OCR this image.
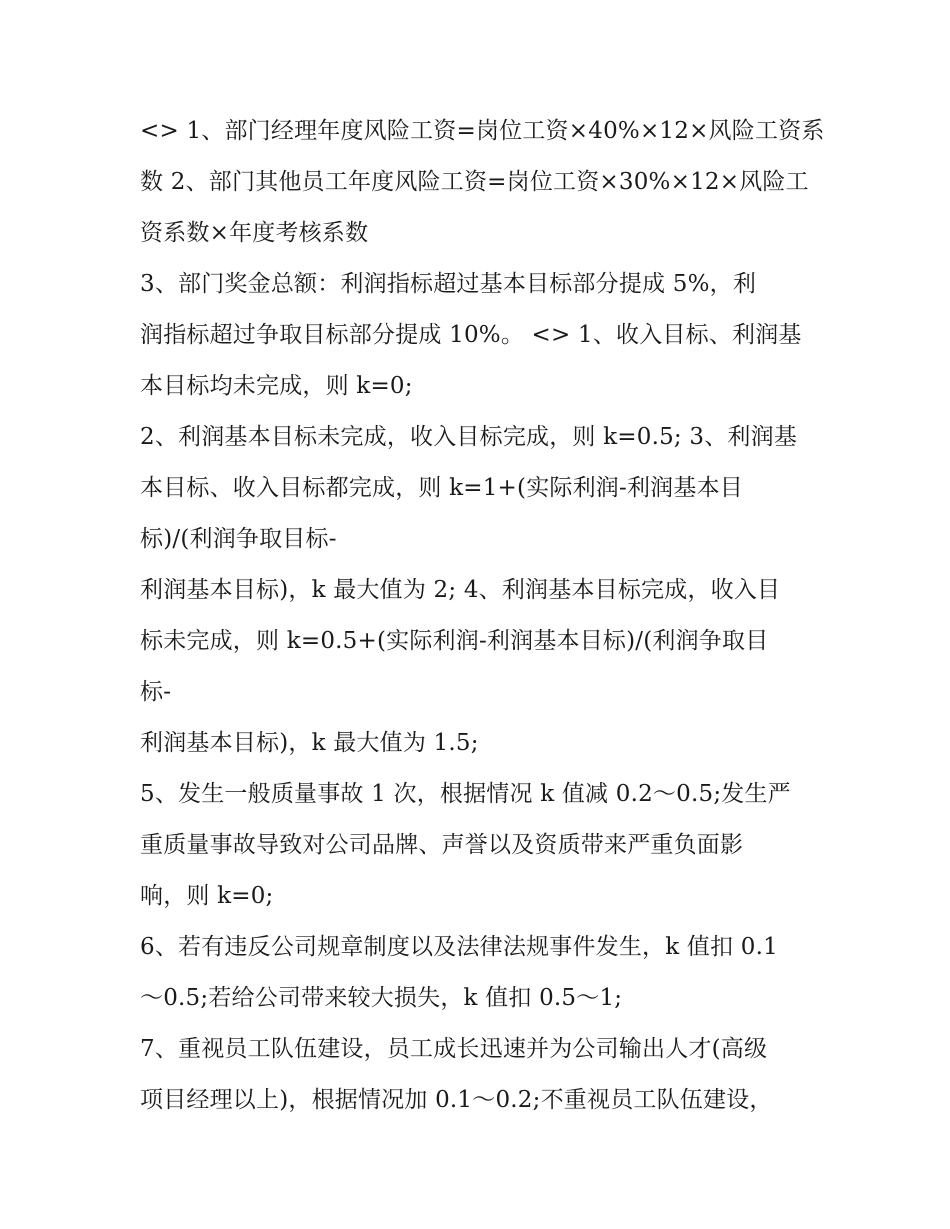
<> 1、部门经理年度风险工资=岗位工资×40%×12×风险工资系
数 2、部门其他员工年度风险工资=岗位工资×30%×12×风险工
资系数×年度考核系数
3、部门奖金总额：利润指标超过基本目标部分提成 5%，利
润指标超过争取目标部分提成 10%。 <> 1、收入目标、利润基
本目标均未完成，则 k=0;
2、利润基本目标未完成，收入目标完成，则 k=0.5; 3、利润基
本目标、收入目标都完成，则 k=1+(实际利润-利润基本目
标)/(利润争取目标-
利润基本目标)，k 最大值为 2; 4、利润基本目标完成，收入目
标未完成，则 k=0.5+(实际利润-利润基本目标)/(利润争取目
标-
利润基本目标)，k 最大值为 1.5;
5、发生一般质量事故 1 次，根据情况 k 值减 0.2～0.5;发生严
重质量事故导致对公司品牌、声誉以及资质带来严重负面影
响，则 k=0;
6、若有违反公司规章制度以及法律法规事件发生，k 值扣 0.1
～0.5;若给公司带来较大损失，k 值扣 0.5～1;
7、重视员工队伍建设，员工成长迅速并为公司输出人才(高级
项目经理以上)，根据情况加 0.1～0.2;不重视员工队伍建设，
